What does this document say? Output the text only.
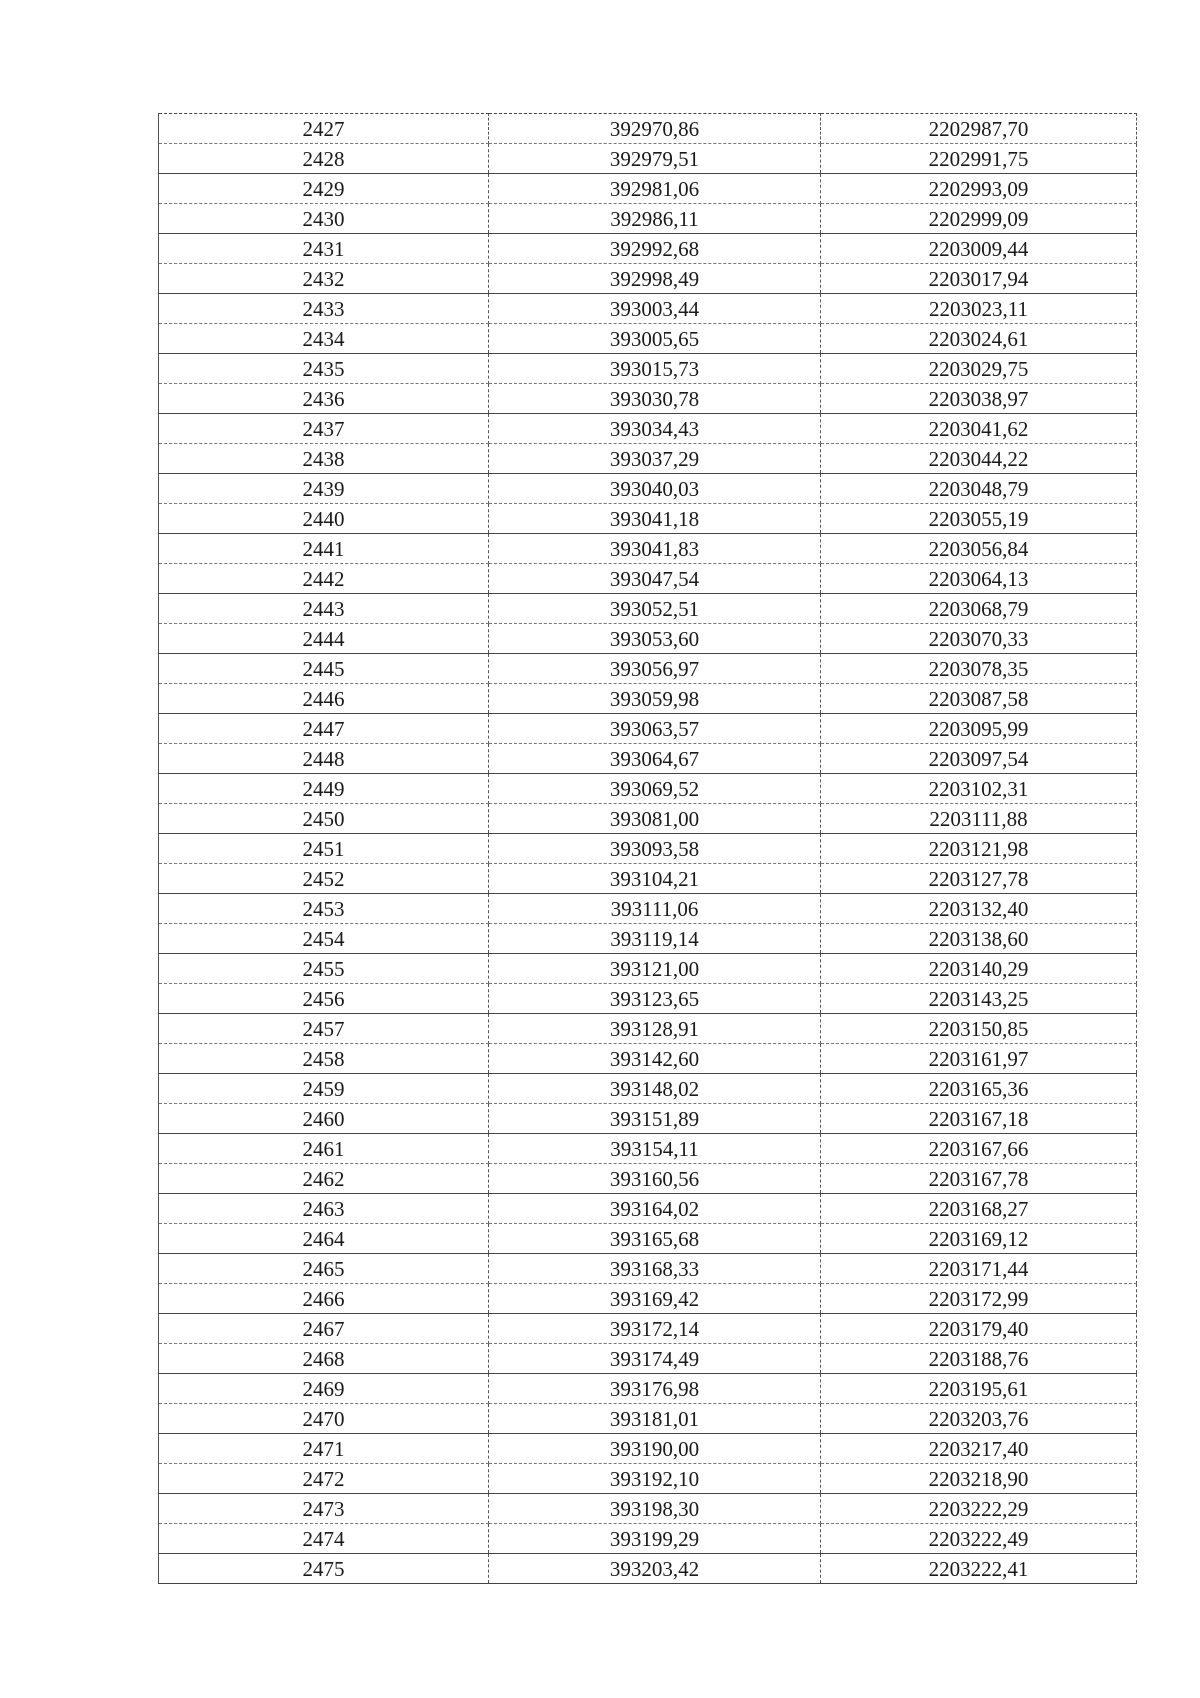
2427	392970,86	2202987,70
2428	392979,51	2202991,75
2429	392981,06	2202993,09
2430	392986,11	2202999,09
2431	392992,68	2203009,44
2432	392998,49	2203017,94
2433	393003,44	2203023,11
2434	393005,65	2203024,61
2435	393015,73	2203029,75
2436	393030,78	2203038,97
2437	393034,43	2203041,62
2438	393037,29	2203044,22
2439	393040,03	2203048,79
2440	393041,18	2203055,19
2441	393041,83	2203056,84
2442	393047,54	2203064,13
2443	393052,51	2203068,79
2444	393053,60	2203070,33
2445	393056,97	2203078,35
2446	393059,98	2203087,58
2447	393063,57	2203095,99
2448	393064,67	2203097,54
2449	393069,52	2203102,31
2450	393081,00	2203111,88
2451	393093,58	2203121,98
2452	393104,21	2203127,78
2453	393111,06	2203132,40
2454	393119,14	2203138,60
2455	393121,00	2203140,29
2456	393123,65	2203143,25
2457	393128,91	2203150,85
2458	393142,60	2203161,97
2459	393148,02	2203165,36
2460	393151,89	2203167,18
2461	393154,11	2203167,66
2462	393160,56	2203167,78
2463	393164,02	2203168,27
2464	393165,68	2203169,12
2465	393168,33	2203171,44
2466	393169,42	2203172,99
2467	393172,14	2203179,40
2468	393174,49	2203188,76
2469	393176,98	2203195,61
2470	393181,01	2203203,76
2471	393190,00	2203217,40
2472	393192,10	2203218,90
2473	393198,30	2203222,29
2474	393199,29	2203222,49
2475	393203,42	2203222,41
